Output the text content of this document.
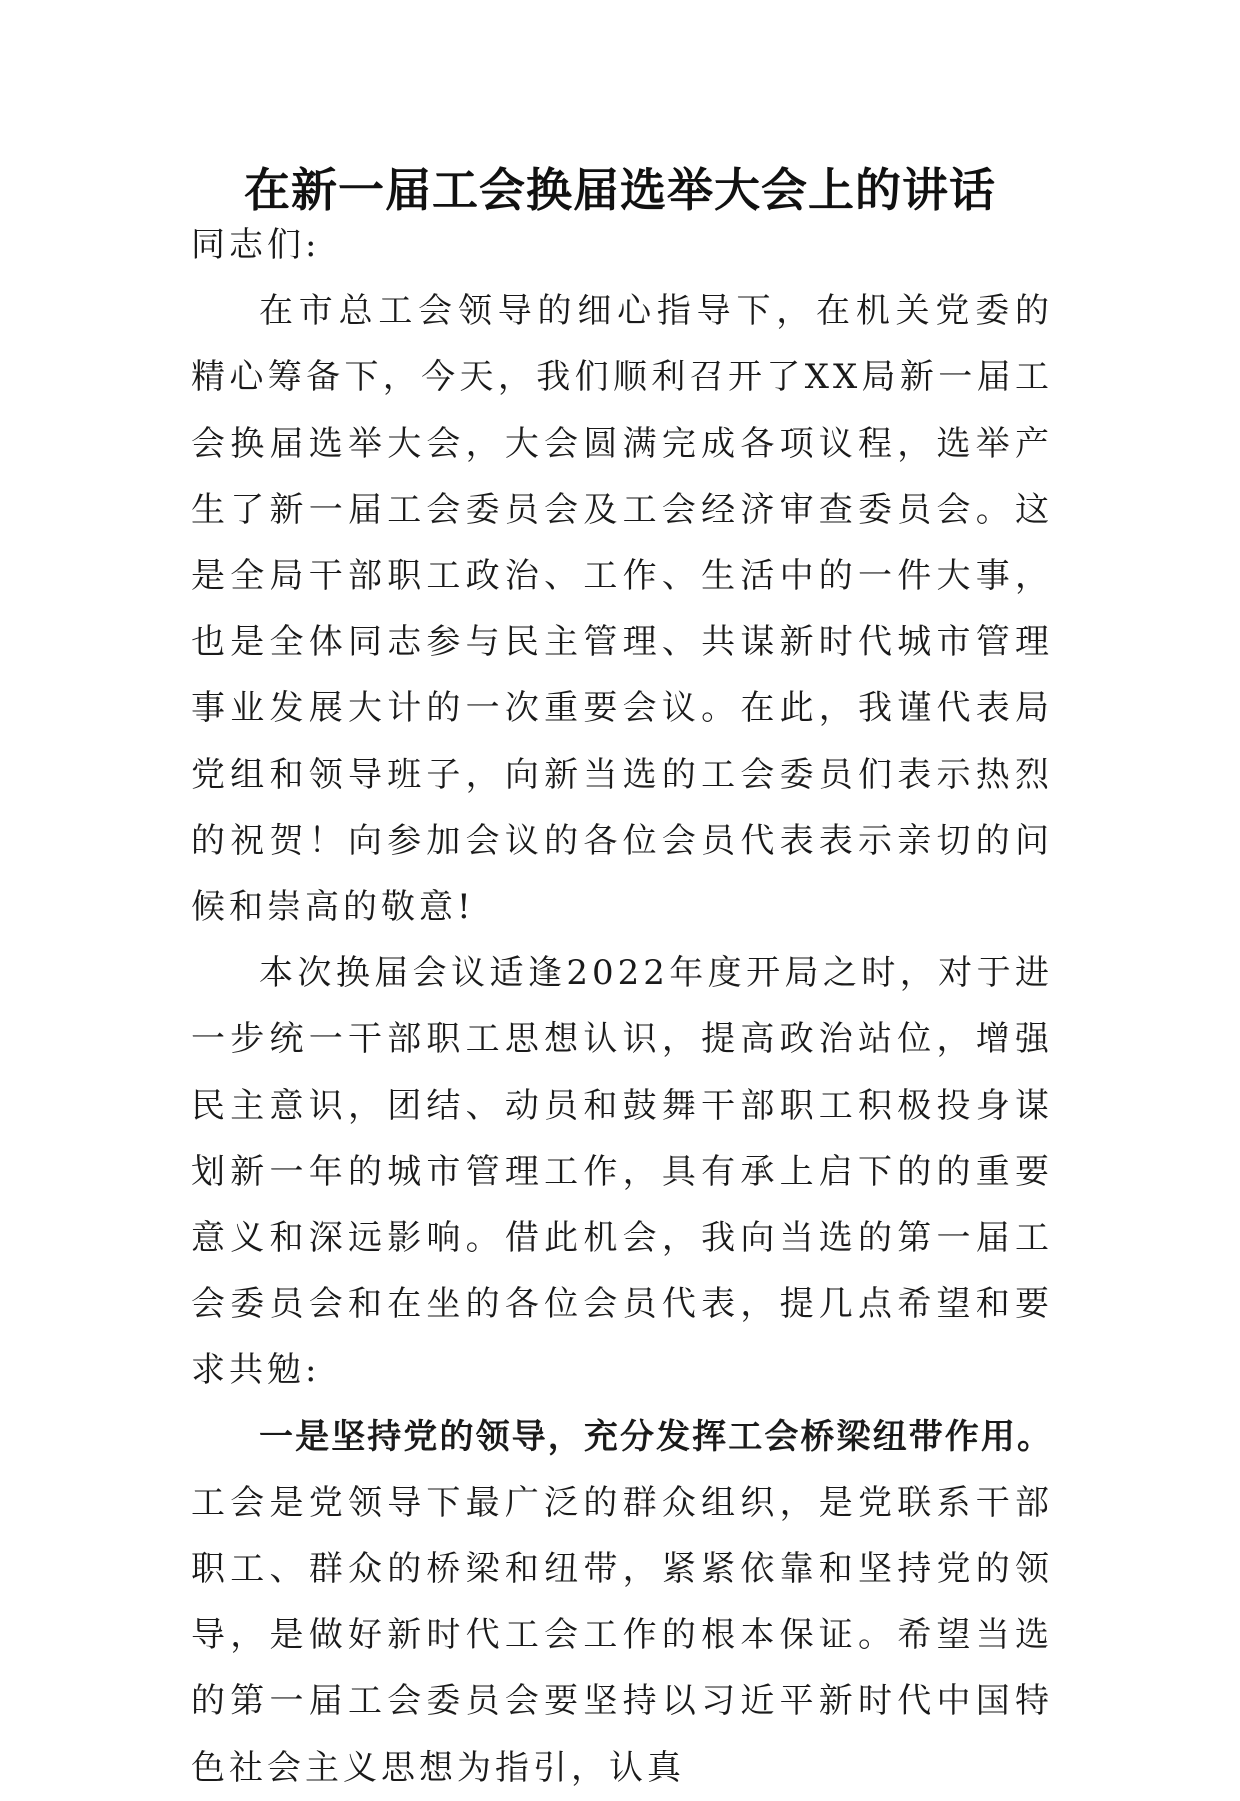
在新一届工会换届选举大会上的讲话

同志们:

在市总工会领导的细心指导下，在机关党委的精心筹备下，今天，我们顺利召开了XX局新一届工会换届选举大会，大会圆满完成各项议程，选举产生了新一届工会委员会及工会经济审查委员会。这是全局干部职工政治、工作、生活中的一件大事，也是全体同志参与民主管理、共谋新时代城市管理事业发展大计的一次重要会议。在此，我谨代表局党组和领导班子，向新当选的工会委员们表示热烈的祝贺！向参加会议的各位会员代表表示亲切的问候和崇高的敬意!

本次换届会议适逢2022年度开局之时，对于进一步统一干部职工思想认识，提高政治站位，增强民主意识，团结、动员和鼓舞干部职工积极投身谋划新一年的城市管理工作，具有承上启下的的重要意义和深远影响。借此机会，我向当选的第一届工会委员会和在坐的各位会员代表，提几点希望和要求共勉:

一是坚持党的领导，充分发挥工会桥梁纽带作用。工会是党领导下最广泛的群众组织，是党联系干部职工、群众的桥梁和纽带，紧紧依靠和坚持党的领导，是做好新时代工会工作的根本保证。希望当选的第一届工会委员会要坚持以习近平新时代中国特色社会主义思想为指引，认真
